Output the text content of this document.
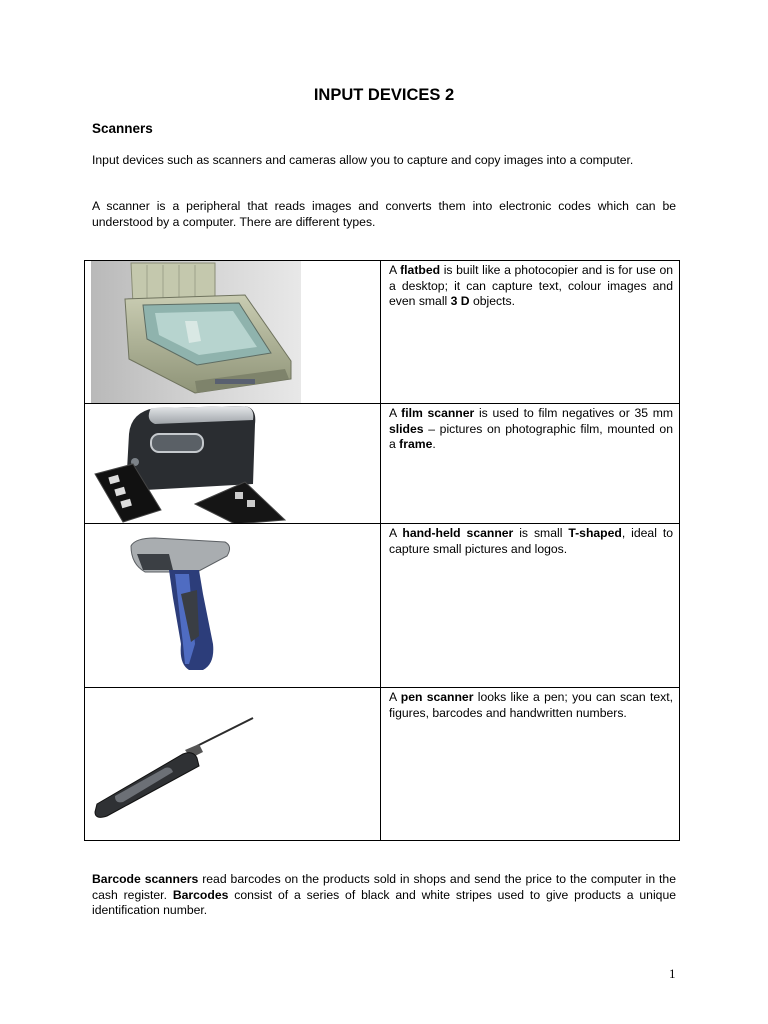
INPUT DEVICES 2
Scanners
Input devices such as scanners and cameras allow you to capture and copy images into a computer.
A scanner is a peripheral that reads images and converts them into electronic codes which can be understood by a computer. There are different types.
A flatbed is built like a photocopier and is for use on a desktop; it can capture text, colour images and even small 3 D objects.
A film scanner is used to film negatives or 35 mm slides – pictures on photographic film, mounted on a frame.
A hand-held scanner is small T-shaped, ideal to capture small pictures and logos.
A pen scanner looks like a pen; you can scan text, figures, barcodes and handwritten numbers.
Barcode scanners read barcodes on the products sold in shops and send the price to the computer in the cash register. Barcodes consist of a series of black and white stripes used to give products a unique identification number.
1
